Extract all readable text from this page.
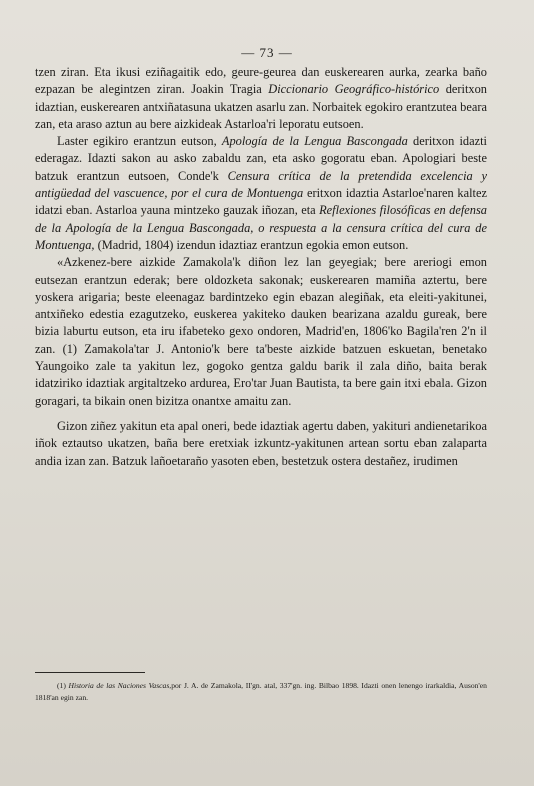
— 73 —

tzen ziran. Eta ikusi eziñagaitik edo, geure-geurea dan euskerearen aurka, zearka baño ezpazan be alegintzen ziran. Joakin Tragia Diccionario Geográfico-histórico deritxon idaztian, euskerearen antxiñatasuna ukatzen asarlu zan. Norbaitek egokiro erantzutea beara zan, eta araso aztun au bere aizkideak Astarloa'ri leporatu eutsoen.

Laster egikiro erantzun eutson, Apología de la Lengua Bascongada deritxon idazti ederagaz. Idazti sakon au asko zabaldu zan, eta asko gogoratu eban. Apologiari beste batzuk erantzun eutsoen, Conde'k Censura crítica de la pretendida excelencia y antigüedad del vascuence, por el cura de Montuenga eritxon idaztia Astarloe'naren kaltez idatzi eban. Astarloa yauna mintzeko gauzak iñozan, eta Reflexiones filosóficas en defensa de la Apología de la Lengua Bascongada, o respuesta a la censura crítica del cura de Montuenga, (Madrid, 1804) izendun idaztiaz erantzun egokia emon eutson.

«Azkenez-bere aizkide Zamakola'k diñon lez lan geyegiak; bere areriogi emon eutsezan erantzun ederak; bere oldozketa sakonak; euskerearen mamiña aztertu, bere yoskera arigaria; beste eleenagaz bardintzeko egin ebazan alegiñak, eta eleiti-yakitunei, antxiñeko edestia ezagutzeko, euskerea yakiteko dauken bearizana azaldu gureak, bere bizia laburtu eutson, eta iru ifabeteko gexo ondoren, Madrid'en, 1806'ko Bagila'ren 2'n il zan. (1) Zamakola'tar J. Antonio'k bere ta'beste aizkide batzuen eskuetan, benetako Yaungoiko zale ta yakitun lez, gogoko gentza galdu barik il zala diño, baita berak idatziriko idaztiak argitaltzeko ardurea, Ero'tar Juan Bautista, ta bere gain itxi ebala. Gizon goragari, ta bikain onen bizitza onantxe amaitu zan.

Gizon ziñez yakitun eta apal oneri, bede idaztiak agertu daben, yakituri andienetarikoa iñok eztautso ukatzen, baña bere eretxiak izkuntz-yakitunen artean sortu eban zalaparta andia izan zan. Batzuk lañoetaraño yasoten eben, bestetzuk ostera destañez, irudimen

(1) Historia de las Naciones Vascas,por J. A. de Zamakola, II'gn. atal, 337'gn. ing. Bilbao 1898. Idazti onen lenengo irarkaldia, Auson'en 1818'an egin zan.
